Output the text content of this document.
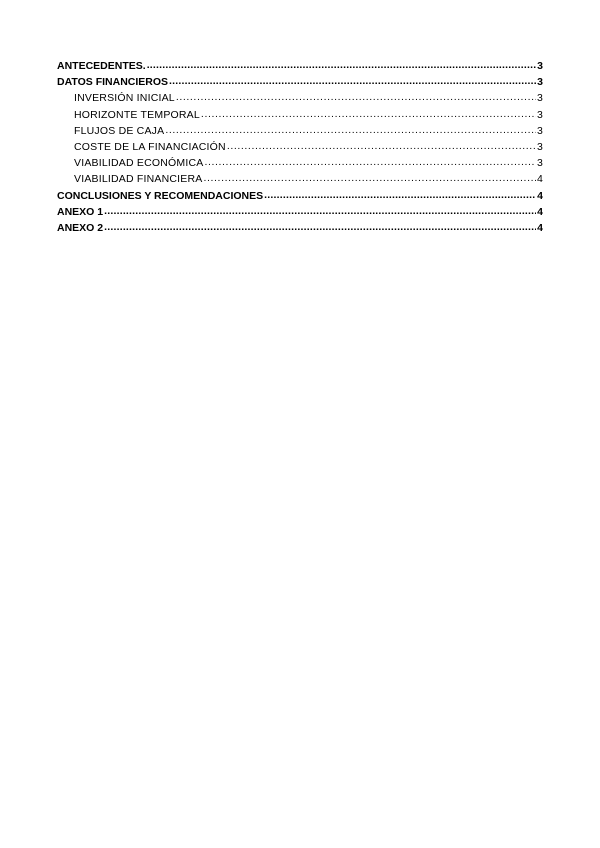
ANTECEDENTES. .....	3
DATOS FINANCIEROS .....	3
INVERSIÓN INICIAL .....	3
HORIZONTE TEMPORAL .....	3
FLUJOS DE CAJA .....	3
COSTE DE LA FINANCIACIÓN .....	3
VIABILIDAD ECONÓMICA .....	3
VIABILIDAD FINANCIERA .....	4
CONCLUSIONES Y RECOMENDACIONES .....	4
ANEXO 1 .....	4
ANEXO 2 .....	4
